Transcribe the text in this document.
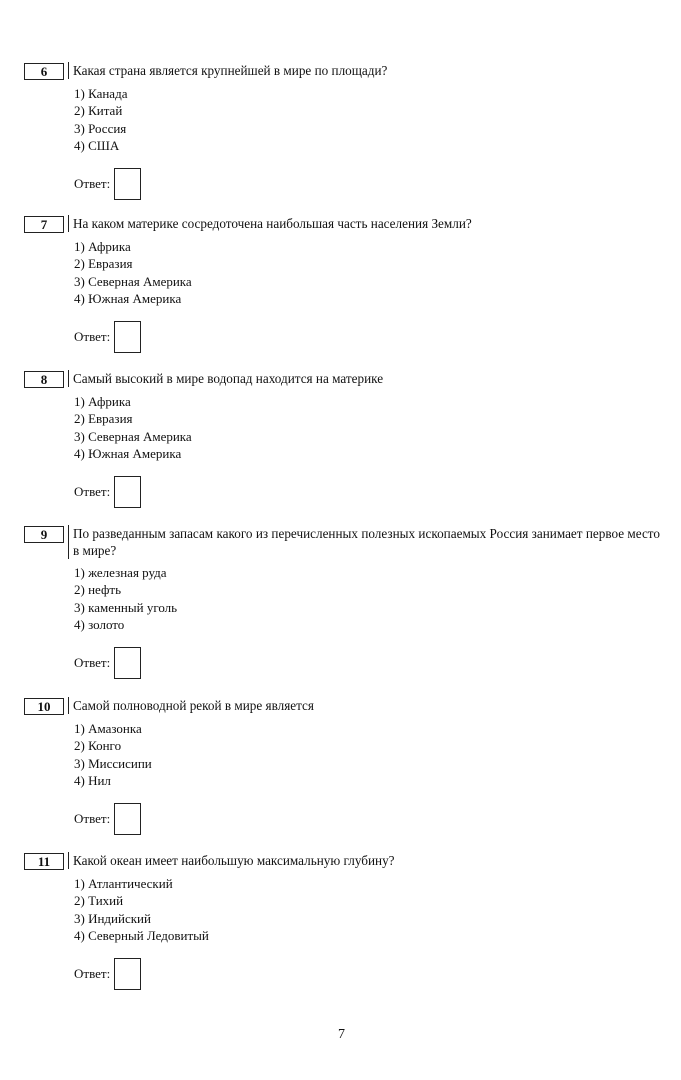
6	Какая страна является крупнейшей в мире по площади?
1) Канада
2) Китай
3) Россия
4) США
Ответ:
7	На каком материке сосредоточена наибольшая часть населения Земли?
1) Африка
2) Евразия
3) Северная Америка
4) Южная Америка
Ответ:
8	Самый высокий в мире водопад находится на материке
1) Африка
2) Евразия
3) Северная Америка
4) Южная Америка
Ответ:
9	По разведанным запасам какого из перечисленных полезных ископаемых Россия занимает первое место в мире?
1) железная руда
2) нефть
3) каменный уголь
4) золото
Ответ:
10	Самой полноводной рекой в мире является
1) Амазонка
2) Конго
3) Миссисипи
4) Нил
Ответ:
11	Какой океан имеет наибольшую максимальную глубину?
1) Атлантический
2) Тихий
3) Индийский
4) Северный Ледовитый
Ответ:
7
